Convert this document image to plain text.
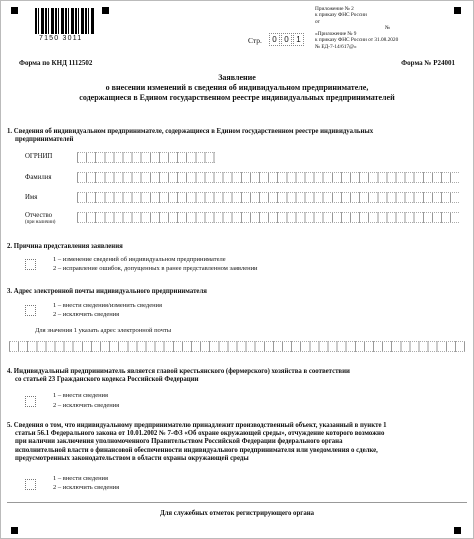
7150 3011
Приложение № 2
к приказу ФНС России
от
№
«Приложение № 9
к приказу ФНС России от 31.08.2020
№ ЕД-7-14/617@»
Стр.	0 0 1
Форма по КНД 1112502	Форма № Р24001
Заявление
о внесении изменений в сведения об индивидуальном предпринимателе,
содержащиеся в Едином государственном реестре индивидуальных предпринимателей
1. Сведения об индивидуальном предпринимателе, содержащиеся в Едином государственном реестре индивидуальных
предпринимателей
ОГРНИП
Фамилия
Имя
Отчество
(при наличии)
2. Причина представления заявления
1 – изменение сведений об индивидуальном предпринимателе
2 – исправление ошибок, допущенных в ранее представленном заявлении
3. Адрес электронной почты индивидуального предпринимателя
1 – внести сведения/изменить сведения
2 – исключить сведения
Для значения 1 указать адрес электронной почты
4. Индивидуальный предприниматель является главой крестьянского (фермерского) хозяйства в соответствии
со статьей 23 Гражданского кодекса Российской Федерации
1 – внести сведения
2 – исключить сведения
5. Сведения о том, что индивидуальному предпринимателю принадлежит производственный объект, указанный в пункте 1
статьи 56.1 Федерального закона от 10.01.2002 № 7-ФЗ «Об охране окружающей среды», отчуждение которого возможно
при наличии заключения уполномоченного Правительством Российской Федерации федерального органа
исполнительной власти о финансовой обеспеченности индивидуального предпринимателя или уведомления о сделке,
предусмотренных законодательством в области охраны окружающей среды
1 – внести сведения
2 – исключить сведения
Для служебных отметок регистрирующего органа
